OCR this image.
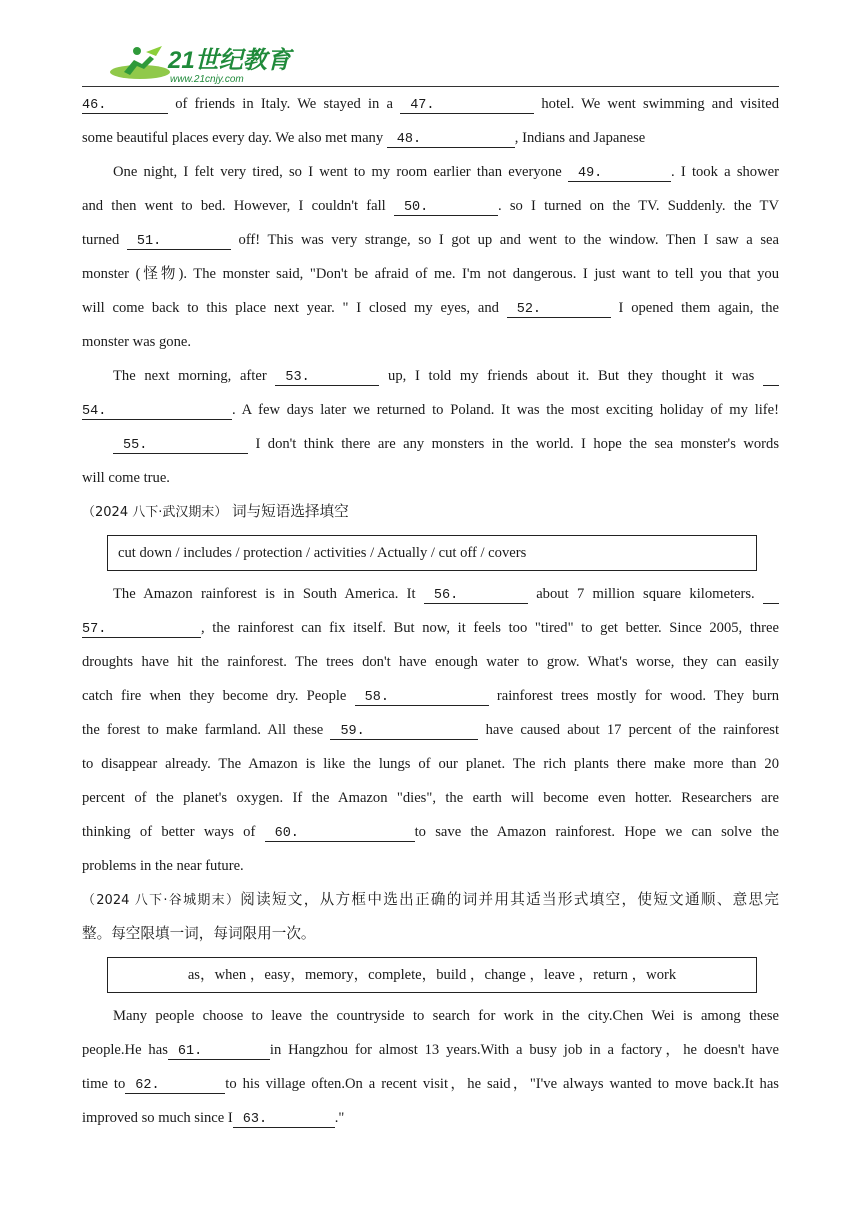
21世纪教育
www.21cnjy.com

46.	of friends in Italy. We stayed in a 47.	hotel. We went swimming and visited

some beautiful places every day. We also met many 48.	, Indians and Japanese

One night, I felt very tired, so I went to my room earlier than everyone 49.	. I took a shower

and then went to bed. However, I couldn't fall 50.	. so I turned on the TV. Suddenly. the TV

turned 51.	off! This was very strange, so I got up and went to the window. Then I saw a sea

monster (怪物). The monster said, "Don't be afraid of me. I'm not dangerous. I just want to tell you that you

will come back to this place next year. " I closed my eyes, and 52.	I opened them again, the

monster was gone.

The next morning, after 53.	up, I told my friends about it. But they thought it was

54.	. A few days later we returned to Poland. It was the most exciting holiday of my life!

55.	I don't think there are any monsters in the world. I hope the sea monster's words

will come true.

（2024 八下·武汉期末） 词与短语选择填空

cut down / includes / protection / activities / Actually / cut off / covers

The Amazon rainforest is in South America. It 56.	about 7 million square kilometers.

57.	, the rainforest can fix itself. But now, it feels too "tired" to get better. Since 2005, three

droughts have hit the rainforest. The trees don't have enough water to grow. What's worse, they can easily

catch fire when they become dry. People 58.	rainforest trees mostly for wood. They burn

the forest to make farmland. All these 59.	have caused about 17 percent of the rainforest

to disappear already. The Amazon is like the lungs of our planet. The rich plants there make more than 20

percent of the planet's oxygen. If the Amazon "dies", the earth will become even hotter. Researchers are

thinking of better ways of 60.	to save the Amazon rainforest. Hope we can solve the

problems in the near future.

（2024 八下·谷城期末）阅读短文，从方框中选出正确的词并用其适当形式填空，使短文通顺、意思完

整。每空限填一词，每词限用一次。

as，when ，easy，memory，complete，build ，change ，leave ，return ，work

Many people choose to leave the countryside to search for work in the city.Chen Wei is among these

people.He has 61.	in Hangzhou for almost 13 years.With a busy job in a factory，he doesn't have

time to 62.	to his village often.On a recent visit，he said，"I've always wanted to move back.It has

improved so much since I 63.	."
